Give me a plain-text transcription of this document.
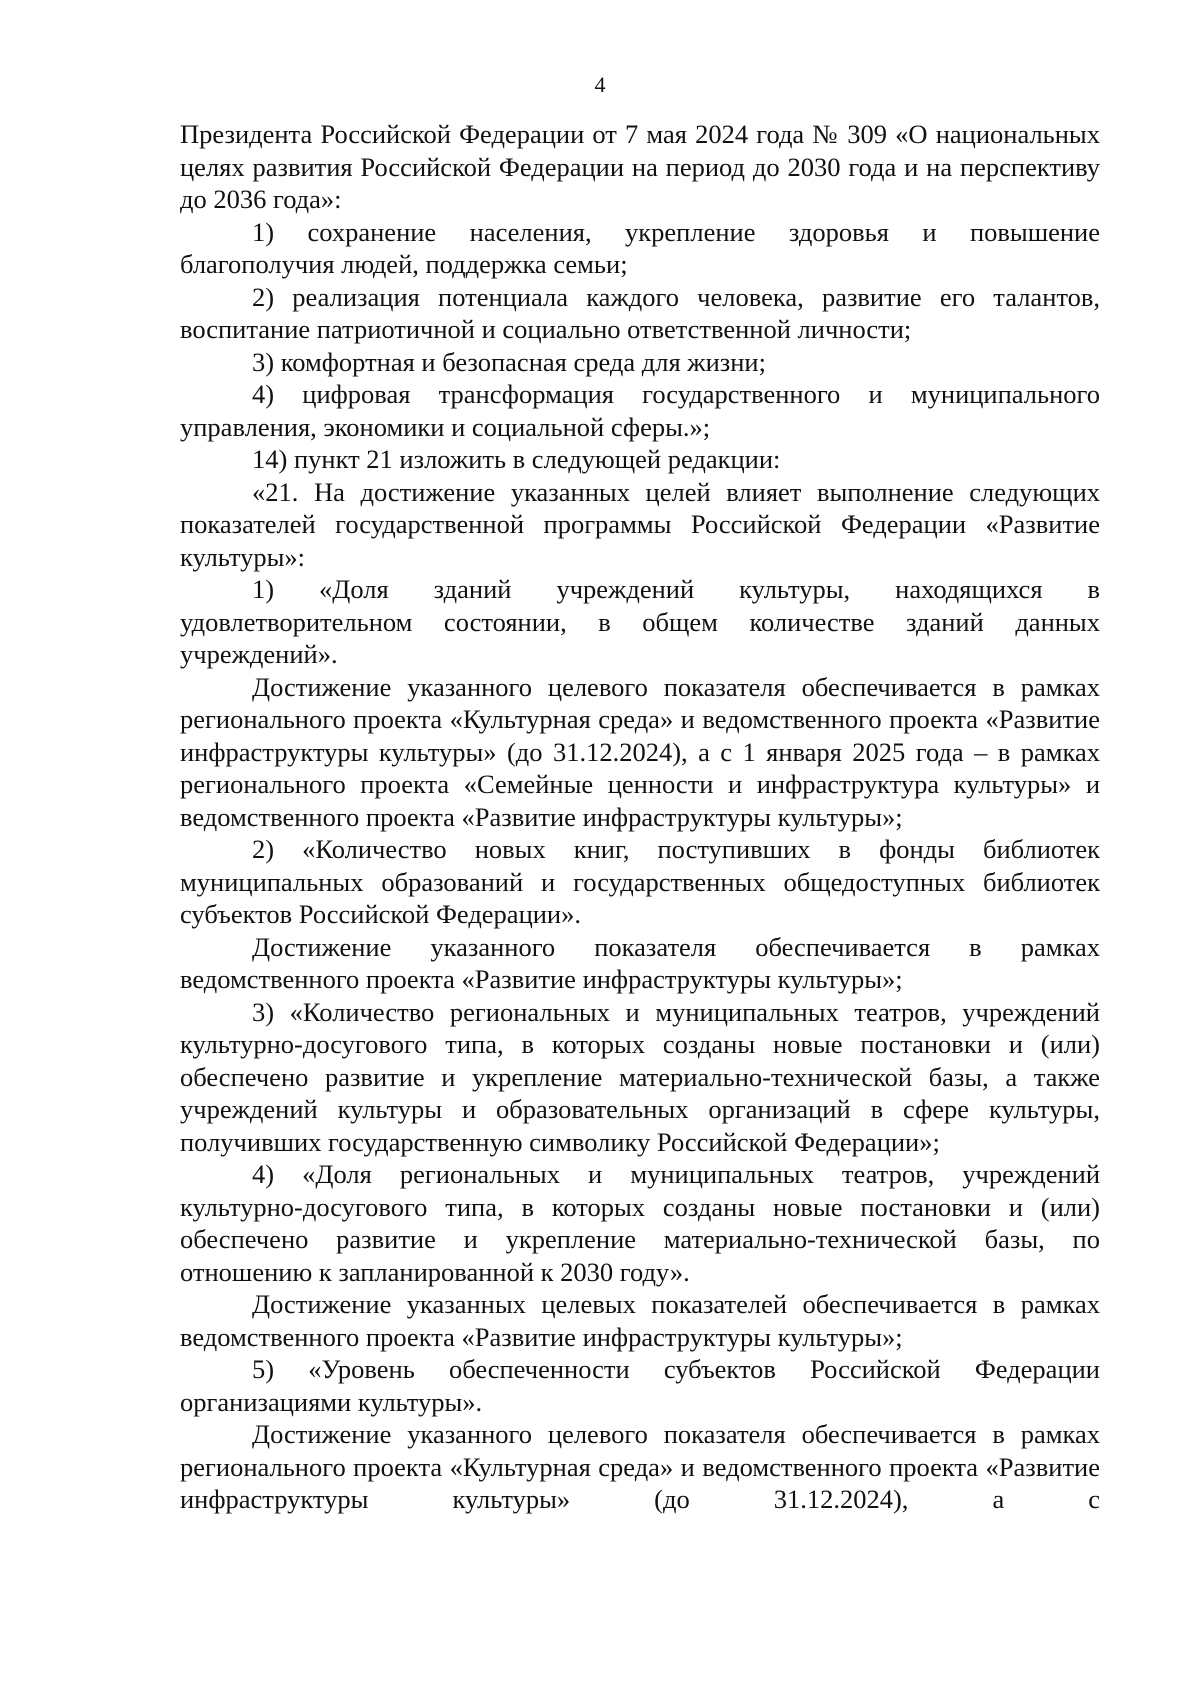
4

Президента Российской Федерации от 7 мая 2024 года № 309 «О национальных целях развития Российской Федерации на период до 2030 года и на перспективу до 2036 года»:

1) сохранение населения, укрепление здоровья и повышение благополучия людей, поддержка семьи;

2) реализация потенциала каждого человека, развитие его талантов, воспитание патриотичной и социально ответственной личности;

3) комфортная и безопасная среда для жизни;

4) цифровая трансформация государственного и муниципального управления, экономики и социальной сферы.»;

14) пункт 21 изложить в следующей редакции:

«21. На достижение указанных целей влияет выполнение следующих показателей государственной программы Российской Федерации «Развитие культуры»:

1) «Доля зданий учреждений культуры, находящихся в удовлетворительном состоянии, в общем количестве зданий данных учреждений».

Достижение указанного целевого показателя обеспечивается в рамках регионального проекта «Культурная среда» и ведомственного проекта «Развитие инфраструктуры культуры» (до 31.12.2024), а с 1 января 2025 года – в рамках регионального проекта «Семейные ценности и инфраструктура культуры» и ведомственного проекта «Развитие инфраструктуры культуры»;

2) «Количество новых книг, поступивших в фонды библиотек муниципальных образований и государственных общедоступных библиотек субъектов Российской Федерации».

Достижение указанного показателя обеспечивается в рамках ведомственного проекта «Развитие инфраструктуры культуры»;

3) «Количество региональных и муниципальных театров, учреждений культурно-досугового типа, в которых созданы новые постановки и (или) обеспечено развитие и укрепление материально-технической базы, а также учреждений культуры и образовательных организаций в сфере культуры, получивших государственную символику Российской Федерации»;

4) «Доля региональных и муниципальных театров, учреждений культурно-досугового типа, в которых созданы новые постановки и (или) обеспечено развитие и укрепление материально-технической базы, по отношению к запланированной к 2030 году».

Достижение указанных целевых показателей обеспечивается в рамках ведомственного проекта «Развитие инфраструктуры культуры»;

5) «Уровень обеспеченности субъектов Российской Федерации организациями культуры».

Достижение указанного целевого показателя обеспечивается в рамках регионального проекта «Культурная среда» и ведомственного проекта «Развитие инфраструктуры культуры» (до 31.12.2024), а с
